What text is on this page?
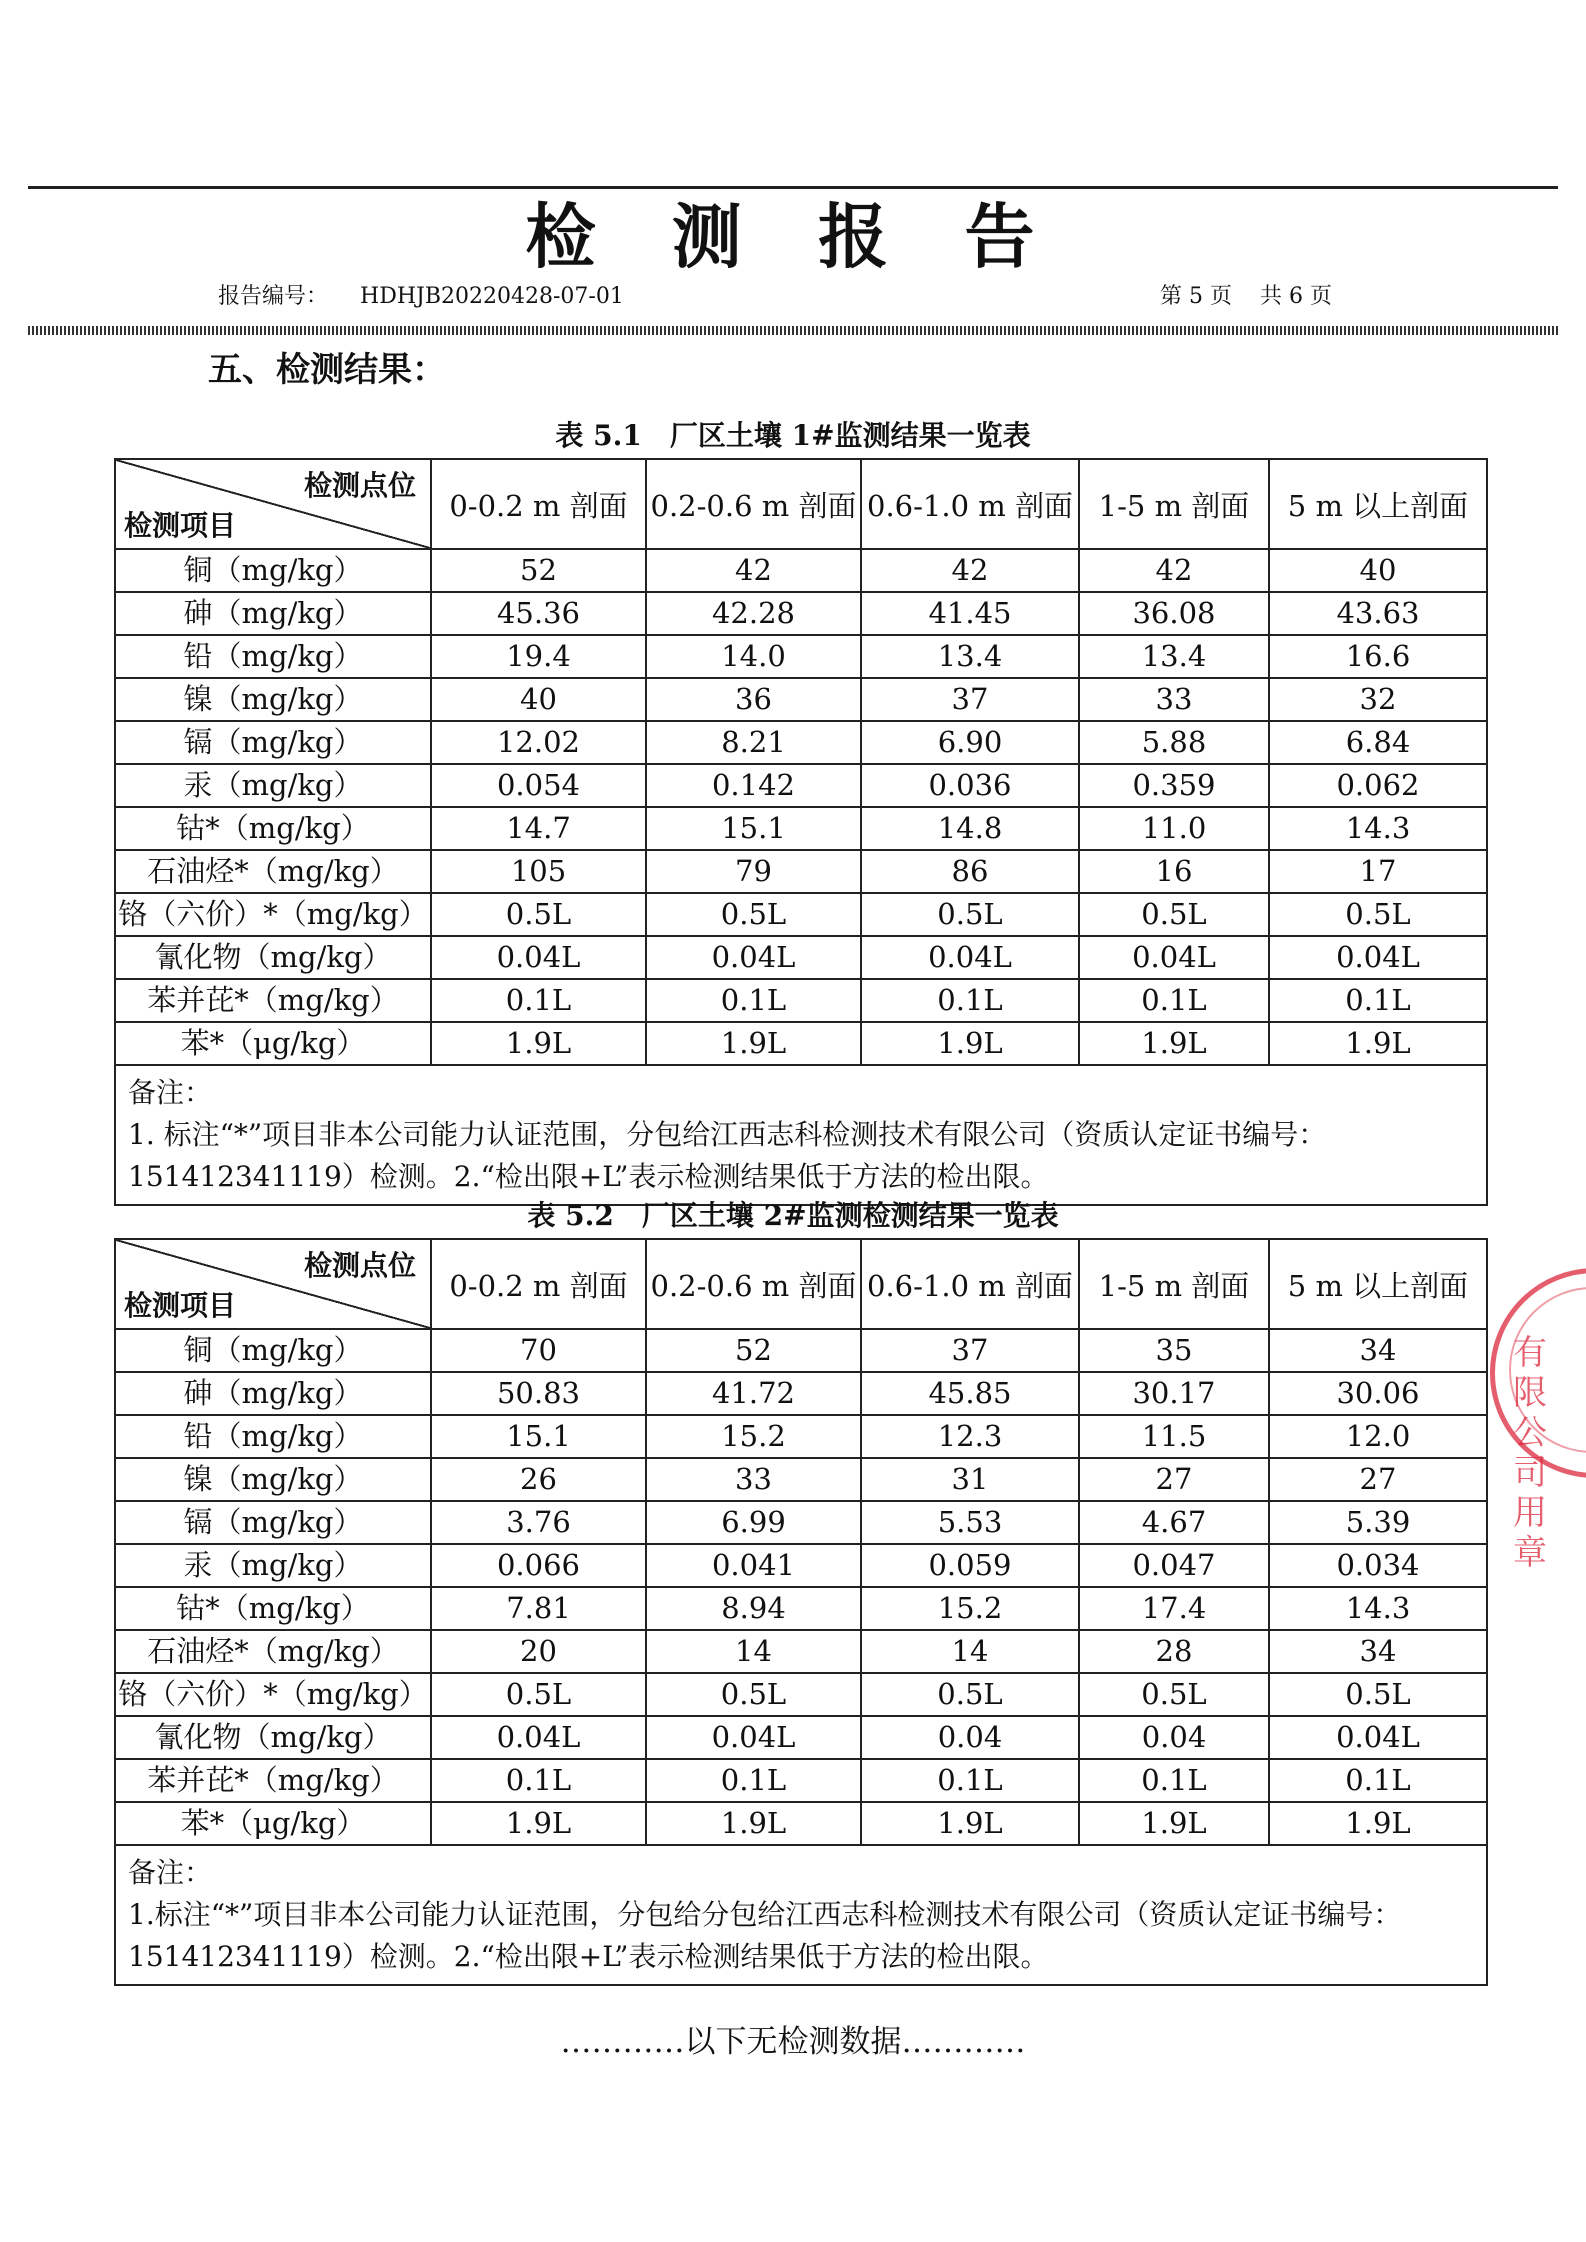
检 测 报 告
报告编号： HDHJB20220428-07-01	第 5 页 共 6 页
五、检测结果：
表 5.1　厂区土壤 1#监测结果一览表
检测点位
检测项目	0-0.2 m 剖面	0.2-0.6 m 剖面	0.6-1.0 m 剖面	1-5 m 剖面	5 m 以上剖面
铜（mg/kg）	52	42	42	42	40
砷（mg/kg）	45.36	42.28	41.45	36.08	43.63
铅（mg/kg）	19.4	14.0	13.4	13.4	16.6
镍（mg/kg）	40	36	37	33	32
镉（mg/kg）	12.02	8.21	6.90	5.88	6.84
汞（mg/kg）	0.054	0.142	0.036	0.359	0.062
钴*（mg/kg）	14.7	15.1	14.8	11.0	14.3
石油烃*（mg/kg）	105	79	86	16	17
铬（六价）*（mg/kg）	0.5L	0.5L	0.5L	0.5L	0.5L
氰化物（mg/kg）	0.04L	0.04L	0.04L	0.04L	0.04L
苯并芘*（mg/kg）	0.1L	0.1L	0.1L	0.1L	0.1L
苯*（μg/kg）	1.9L	1.9L	1.9L	1.9L	1.9L

备注：
1. 标注“*”项目非本公司能力认证范围，分包给江西志科检测技术有限公司（资质认定证书编号：151412341119）检测。2.“检出限+L”表示检测结果低于方法的检出限。					
表 5.2　厂区土壤 2#监测检测结果一览表
检测点位
检测项目	0-0.2 m 剖面	0.2-0.6 m 剖面	0.6-1.0 m 剖面	1-5 m 剖面	5 m 以上剖面
铜（mg/kg）	70	52	37	35	34
砷（mg/kg）	50.83	41.72	45.85	30.17	30.06
铅（mg/kg）	15.1	15.2	12.3	11.5	12.0
镍（mg/kg）	26	33	31	27	27
镉（mg/kg）	3.76	6.99	5.53	4.67	5.39
汞（mg/kg）	0.066	0.041	0.059	0.047	0.034
钴*（mg/kg）	7.81	8.94	15.2	17.4	14.3
石油烃*（mg/kg）	20	14	14	28	34
铬（六价）*（mg/kg）	0.5L	0.5L	0.5L	0.5L	0.5L
氰化物（mg/kg）	0.04L	0.04L	0.04	0.04	0.04L
苯并芘*（mg/kg）	0.1L	0.1L	0.1L	0.1L	0.1L
苯*（μg/kg）	1.9L	1.9L	1.9L	1.9L	1.9L

备注：
1.标注“*”项目非本公司能力认证范围，分包给分包给江西志科检测技术有限公司（资质认定证书编号：151412341119）检测。2.“检出限+L”表示检测结果低于方法的检出限。					
…………以下无检测数据…………
有限公司用章
